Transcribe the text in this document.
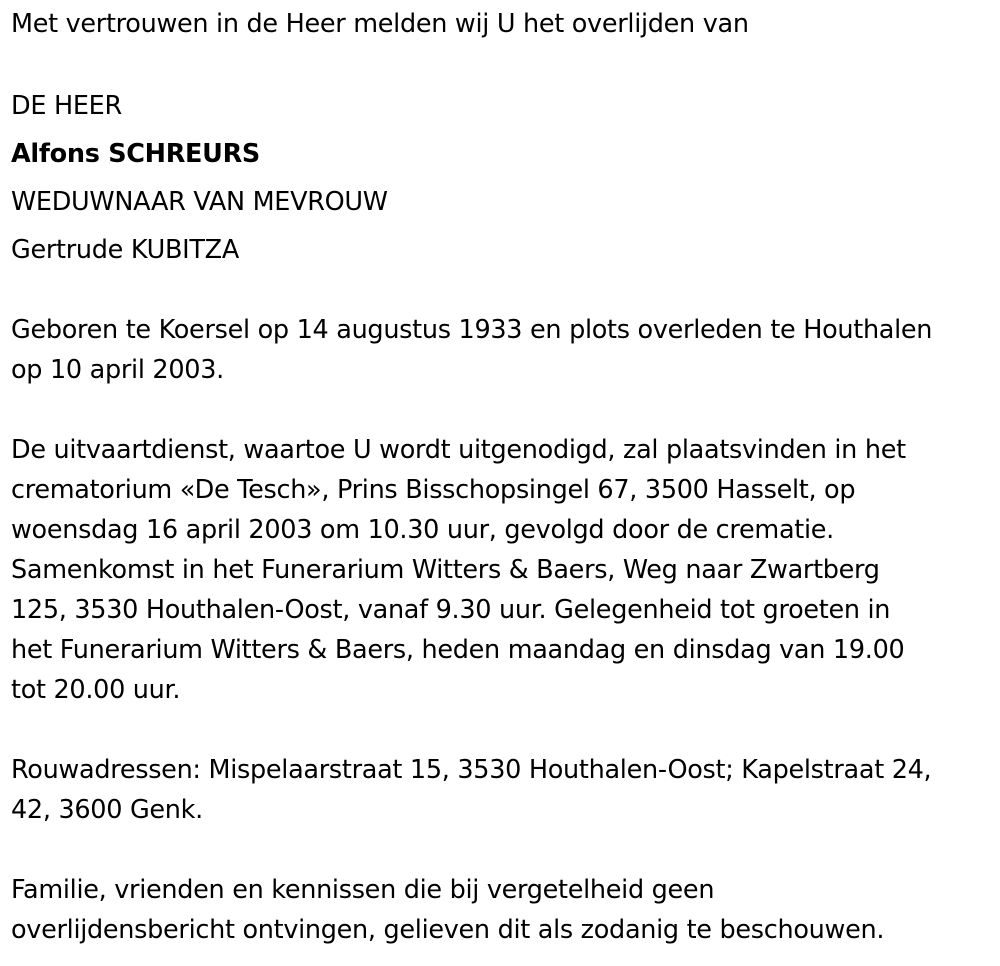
Met vertrouwen in de Heer melden wij U het overlijden van

DE HEER

Alfons SCHREURS

WEDUWNAAR VAN MEVROUW

Gertrude KUBITZA

Geboren te Koersel op 14 augustus 1933 en plots overleden te Houthalen
op 10 april 2003.

De uitvaartdienst, waartoe U wordt uitgenodigd, zal plaatsvinden in het
crematorium «De Tesch», Prins Bisschopsingel 67, 3500 Hasselt, op
woensdag 16 april 2003 om 10.30 uur, gevolgd door de crematie.
Samenkomst in het Funerarium Witters & Baers, Weg naar Zwartberg
125, 3530 Houthalen-Oost, vanaf 9.30 uur. Gelegenheid tot groeten in
het Funerarium Witters & Baers, heden maandag en dinsdag van 19.00
tot 20.00 uur.

Rouwadressen: Mispelaarstraat 15, 3530 Houthalen-Oost; Kapelstraat 24,
42, 3600 Genk.

Familie, vrienden en kennissen die bij vergetelheid geen
overlijdensbericht ontvingen, gelieven dit als zodanig te beschouwen.
